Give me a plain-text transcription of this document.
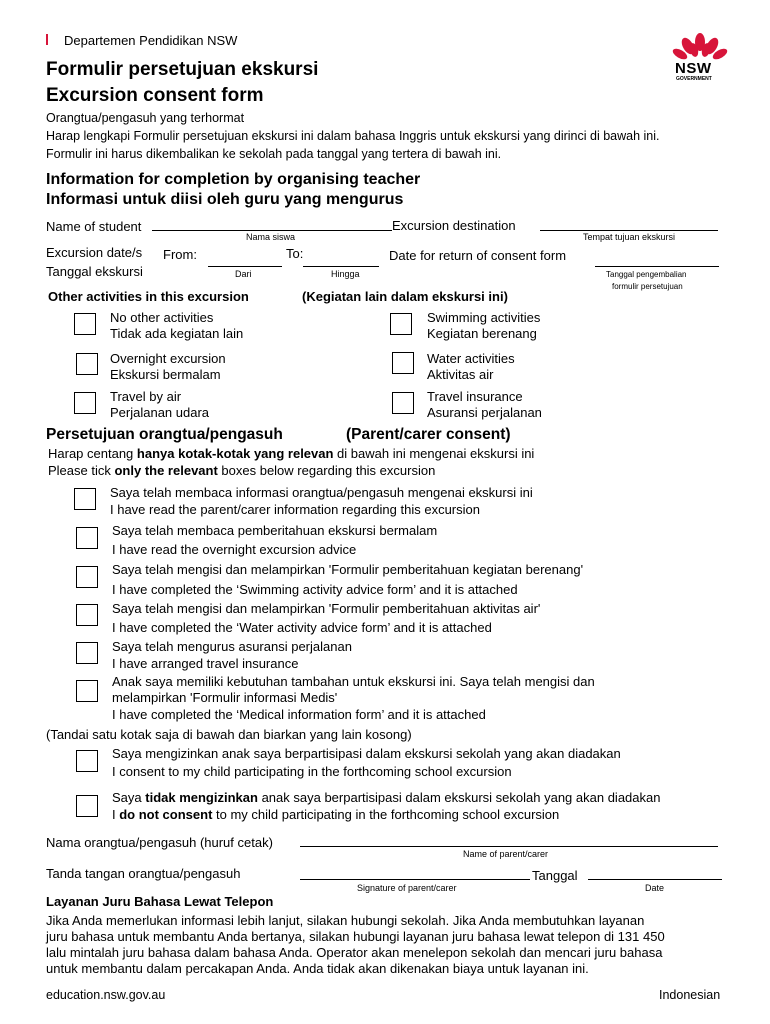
Departemen Pendidikan NSW
NSW
GOVERNMENT
Formulir persetujuan ekskursi
Excursion consent form
Orangtua/pengasuh yang terhormat
Harap lengkapi Formulir persetujuan ekskursi ini dalam bahasa Inggris untuk ekskursi yang dirinci di bawah ini.
Formulir ini harus dikembalikan ke sekolah pada tanggal yang tertera di bawah ini.
Information for completion by organising teacher
Informasi untuk diisi oleh guru yang mengurus
Name of student
Nama siswa
Excursion destination
Tempat tujuan ekskursi
Excursion date/s From:	To:
Tanggal ekskursi	Dari	Hingga
Date for return of consent form
Tanggal pengembalian
formulir persetujuan
Other activities in this excursion	(Kegiatan lain dalam ekskursi ini)
No other activities
Tidak ada kegiatan lain
Swimming activities
Kegiatan berenang
Overnight excursion
Ekskursi bermalam
Water activities
Aktivitas air
Travel by air
Perjalanan udara
Travel insurance
Asuransi perjalanan
Persetujuan orangtua/pengasuh	(Parent/carer consent)
Harap centang hanya kotak-kotak yang relevan di bawah ini mengenai ekskursi ini
Please tick only the relevant boxes below regarding this excursion
Saya telah membaca informasi orangtua/pengasuh mengenai ekskursi ini
I have read the parent/carer information regarding this excursion
Saya telah membaca pemberitahuan ekskursi bermalam
I have read the overnight excursion advice
Saya telah mengisi dan melampirkan 'Formulir pemberitahuan kegiatan berenang'
I have completed the ‘Swimming activity advice form’ and it is attached
Saya telah mengisi dan melampirkan 'Formulir pemberitahuan aktivitas air'
I have completed the ‘Water activity advice form’ and it is attached
Saya telah mengurus asuransi perjalanan
I have arranged travel insurance
Anak saya memiliki kebutuhan tambahan untuk ekskursi ini. Saya telah mengisi dan
melampirkan 'Formulir informasi Medis'
I have completed the ‘Medical information form’ and it is attached
(Tandai satu kotak saja di bawah dan biarkan yang lain kosong)
Saya mengizinkan anak saya berpartisipasi dalam ekskursi sekolah yang akan diadakan
I consent to my child participating in the forthcoming school excursion
Saya tidak mengizinkan anak saya berpartisipasi dalam ekskursi sekolah yang akan diadakan
I do not consent to my child participating in the forthcoming school excursion
Nama orangtua/pengasuh (huruf cetak)
Name of parent/carer
Tanda tangan orangtua/pengasuh
Signature of parent/carer
Tanggal
Date
Layanan Juru Bahasa Lewat Telepon
Jika Anda memerlukan informasi lebih lanjut, silakan hubungi sekolah. Jika Anda membutuhkan layanan
juru bahasa untuk membantu Anda bertanya, silakan hubungi layanan juru bahasa lewat telepon di 131 450
lalu mintalah juru bahasa dalam bahasa Anda. Operator akan menelepon sekolah dan mencari juru bahasa
untuk membantu dalam percakapan Anda. Anda tidak akan dikenakan biaya untuk layanan ini.
education.nsw.gov.au	Indonesian
